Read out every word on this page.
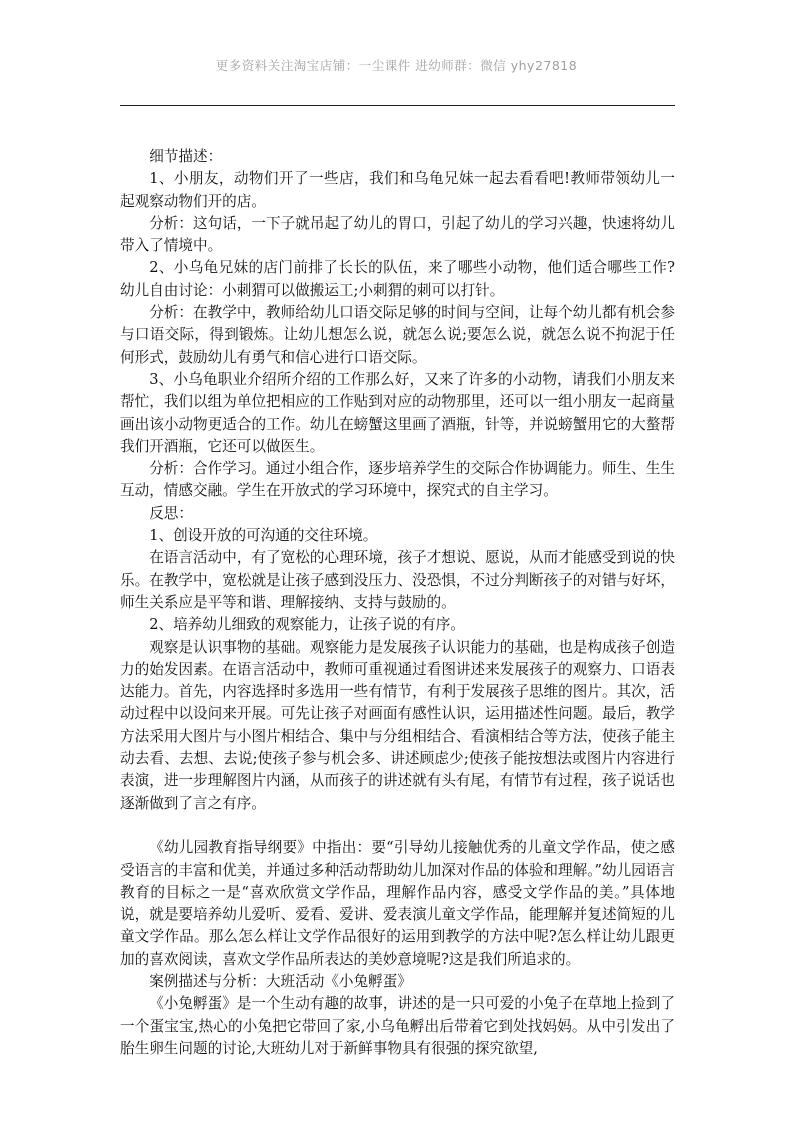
更多资料关注淘宝店铺：一尘课件 进幼师群：微信 yhy27818

细节描述：

1、小朋友，动物们开了一些店，我们和乌龟兄妹一起去看看吧!教师带领幼儿一起观察动物们开的店。

分析：这句话，一下子就吊起了幼儿的胃口，引起了幼儿的学习兴趣，快速将幼儿带入了情境中。

2、小乌龟兄妹的店门前排了长长的队伍，来了哪些小动物，他们适合哪些工作?幼儿自由讨论：小刺猬可以做搬运工;小刺猬的刺可以打针。

分析：在教学中，教师给幼儿口语交际足够的时间与空间，让每个幼儿都有机会参与口语交际，得到锻炼。让幼儿想怎么说，就怎么说;要怎么说，就怎么说不拘泥于任何形式，鼓励幼儿有勇气和信心进行口语交际。

3、小乌龟职业介绍所介绍的工作那么好，又来了许多的小动物，请我们小朋友来帮忙，我们以组为单位把相应的工作贴到对应的动物那里，还可以一组小朋友一起商量画出该小动物更适合的工作。幼儿在螃蟹这里画了酒瓶，针等，并说螃蟹用它的大螯帮我们开酒瓶，它还可以做医生。

分析：合作学习。通过小组合作，逐步培养学生的交际合作协调能力。师生、生生互动，情感交融。学生在开放式的学习环境中，探究式的自主学习。

反思：

1、创设开放的可沟通的交往环境。

在语言活动中，有了宽松的心理环境，孩子才想说、愿说，从而才能感受到说的快乐。在教学中，宽松就是让孩子感到没压力、没恐惧，不过分判断孩子的对错与好坏，师生关系应是平等和谐、理解接纳、支持与鼓励的。

2、培养幼儿细致的观察能力，让孩子说的有序。

观察是认识事物的基础。观察能力是发展孩子认识能力的基础，也是构成孩子创造力的始发因素。在语言活动中，教师可重视通过看图讲述来发展孩子的观察力、口语表达能力。首先，内容选择时多选用一些有情节，有利于发展孩子思维的图片。其次，活动过程中以设问来开展。可先让孩子对画面有感性认识，运用描述性问题。最后，教学方法采用大图片与小图片相结合、集中与分组相结合、看演相结合等方法，使孩子能主动去看、去想、去说;使孩子参与机会多、讲述顾虑少;使孩子能按想法或图片内容进行表演，进一步理解图片内涵，从而孩子的讲述就有头有尾，有情节有过程，孩子说话也逐渐做到了言之有序。

《幼儿园教育指导纲要》中指出：要“引导幼儿接触优秀的儿童文学作品，使之感受语言的丰富和优美，并通过多种活动帮助幼儿加深对作品的体验和理解。”幼儿园语言教育的目标之一是“喜欢欣赏文学作品，理解作品内容，感受文学作品的美。”具体地说，就是要培养幼儿爱听、爱看、爱讲、爱表演儿童文学作品，能理解并复述简短的儿童文学作品。那么怎么样让文学作品很好的运用到教学的方法中呢?怎么样让幼儿跟更加的喜欢阅读，喜欢文学作品所表达的美妙意境呢?这是我们所追求的。

案例描述与分析：大班活动《小兔孵蛋》

《小兔孵蛋》是一个生动有趣的故事，讲述的是一只可爱的小兔子在草地上捡到了一个蛋宝宝,热心的小兔把它带回了家,小乌龟孵出后带着它到处找妈妈。从中引发出了胎生卵生问题的讨论,大班幼儿对于新鲜事物具有很强的探究欲望,
